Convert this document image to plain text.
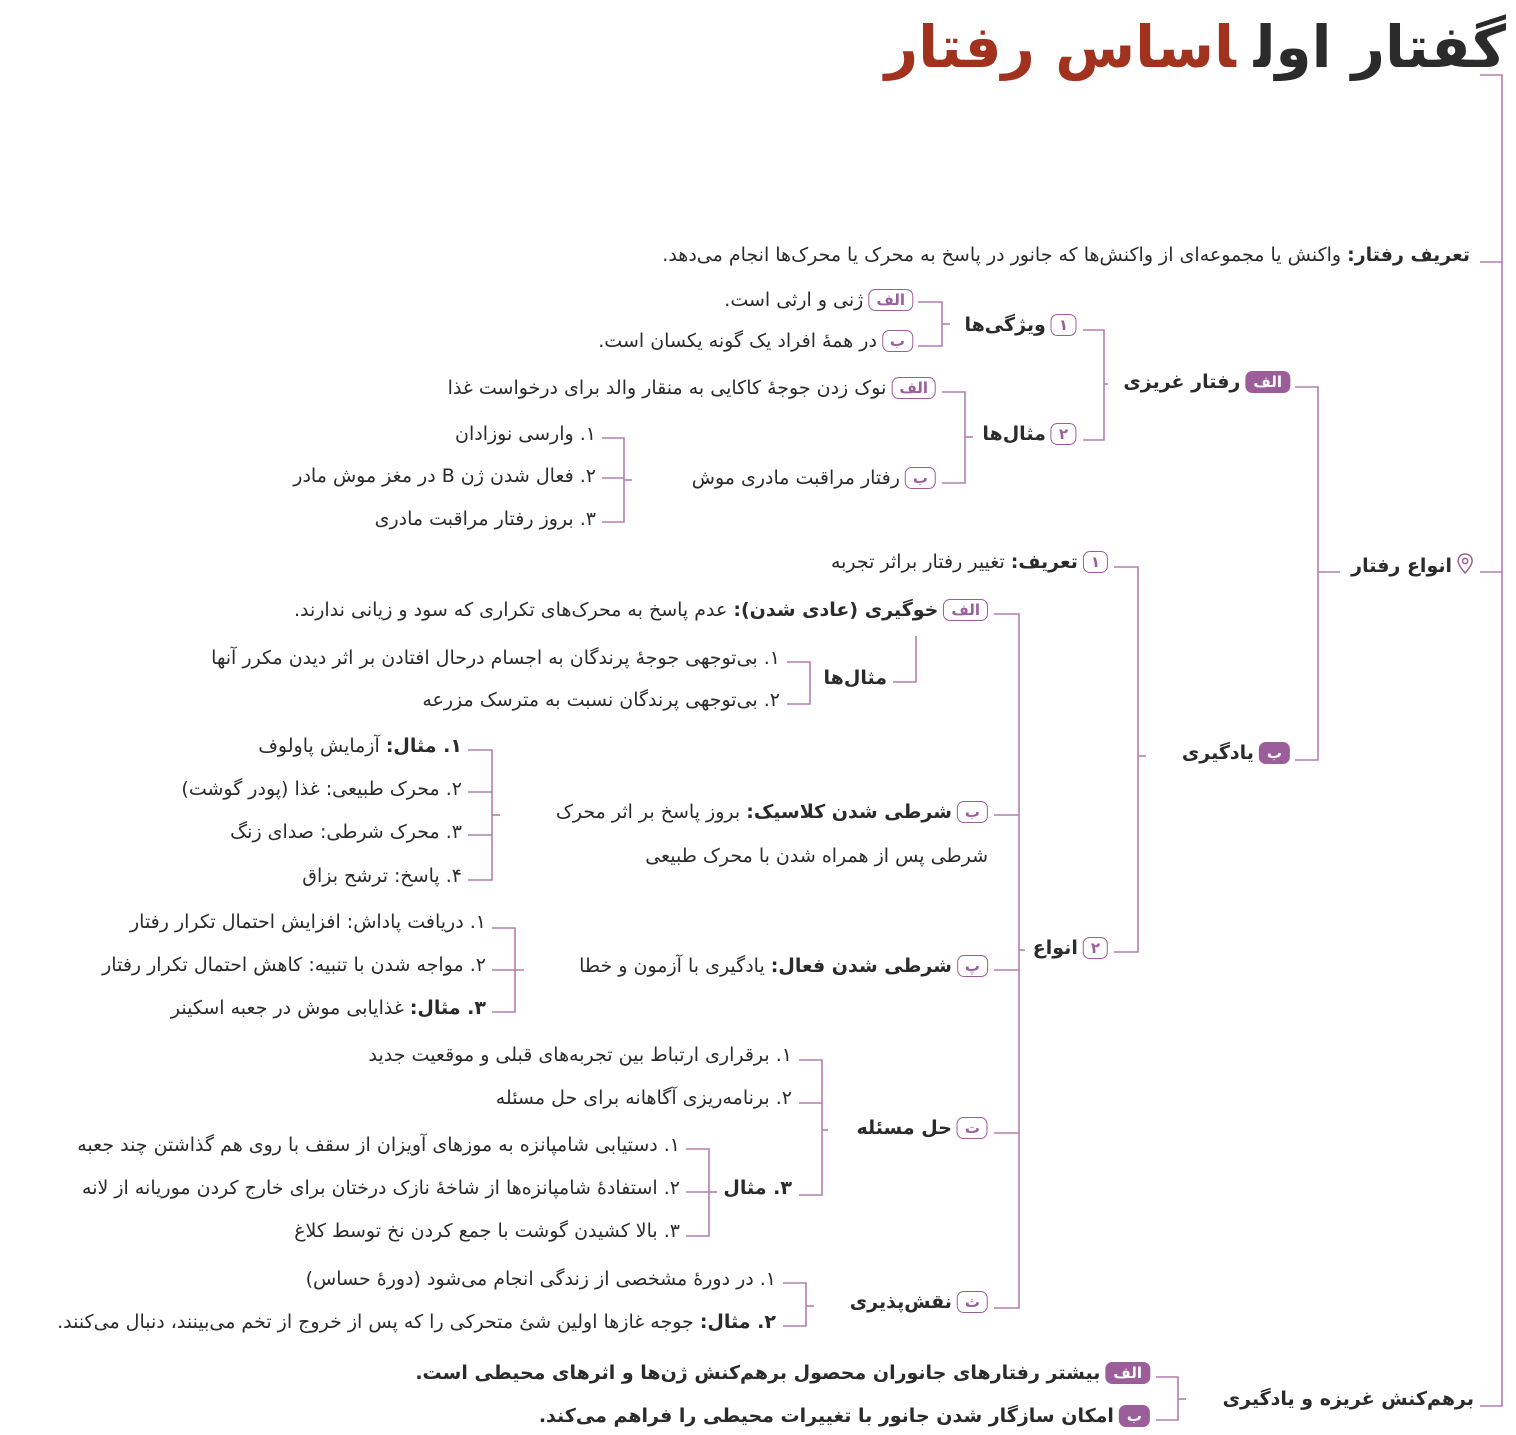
گفتار اولاساس رفتار
تعریف رفتار: واکنش یا مجموعه‌ای از واکنش‌ها که جانور در پاسخ به محرک یا محرک‌ها انجام می‌دهد.
انواع رفتار
الفرفتار غریزی
۱ویژگی‌ها
الفژنی و ارثی است.
بدر همهٔ افراد یک گونه یکسان است.
۲مثال‌ها
الفنوک زدن جوجهٔ کاکایی به منقار والد برای درخواست غذا
برفتار مراقبت مادری موش
۱. وارسی نوزادان
۲. فعال شدن ژن B در مغز موش مادر
۳. بروز رفتار مراقبت مادری
بیادگیری
۱تعریف: تغییر رفتار براثر تجربه
۲انواع
الفخوگیری (عادی شدن): عدم پاسخ به محرک‌های تکراری که سود و زیانی ندارند.
مثال‌ها
۱. بی‌توجهی جوجهٔ پرندگان به اجسام درحال افتادن بر اثر دیدن مکرر آنها
۲. بی‌توجهی پرندگان نسبت به مترسک مزرعه
بشرطی شدن کلاسیک: بروز پاسخ بر اثر محرک
شرطی پس از همراه شدن با محرک طبیعی
۱. مثال: آزمایش پاولوف
۲. محرک طبیعی: غذا (پودر گوشت)
۳. محرک شرطی: صدای زنگ
۴. پاسخ: ترشح بزاق
پشرطی شدن فعال: یادگیری با آزمون و خطا
۱. دریافت پاداش: افزایش احتمال تکرار رفتار
۲. مواجه شدن با تنبیه: کاهش احتمال تکرار رفتار
۳. مثال: غذایابی موش در جعبه اسکینر
تحل مسئله
۱. برقراری ارتباط بین تجربه‌های قبلی و موقعیت جدید
۲. برنامه‌ریزی آگاهانه برای حل مسئله
۳. مثال
۱. دستیابی شامپانزه به موزهای آویزان از سقف با روی هم گذاشتن چند جعبه
۲. استفادهٔ شامپانزه‌ها از شاخهٔ نازک درختان برای خارج کردن موریانه از لانه
۳. بالا کشیدن گوشت با جمع کردن نخ توسط کلاغ
ثنقش‌پذیری
۱. در دورهٔ مشخصی از زندگی انجام می‌شود (دورهٔ حساس)
۲. مثال: جوجه غازها اولین شئ متحرکی را که پس از خروج از تخم می‌بینند، دنبال می‌کنند.
برهم‌کنش غریزه و یادگیری
الفبیشتر رفتارهای جانوران محصول برهم‌کنش ژن‌ها و اثرهای محیطی است.
بامکان سازگار شدن جانور با تغییرات محیطی را فراهم می‌کند.
